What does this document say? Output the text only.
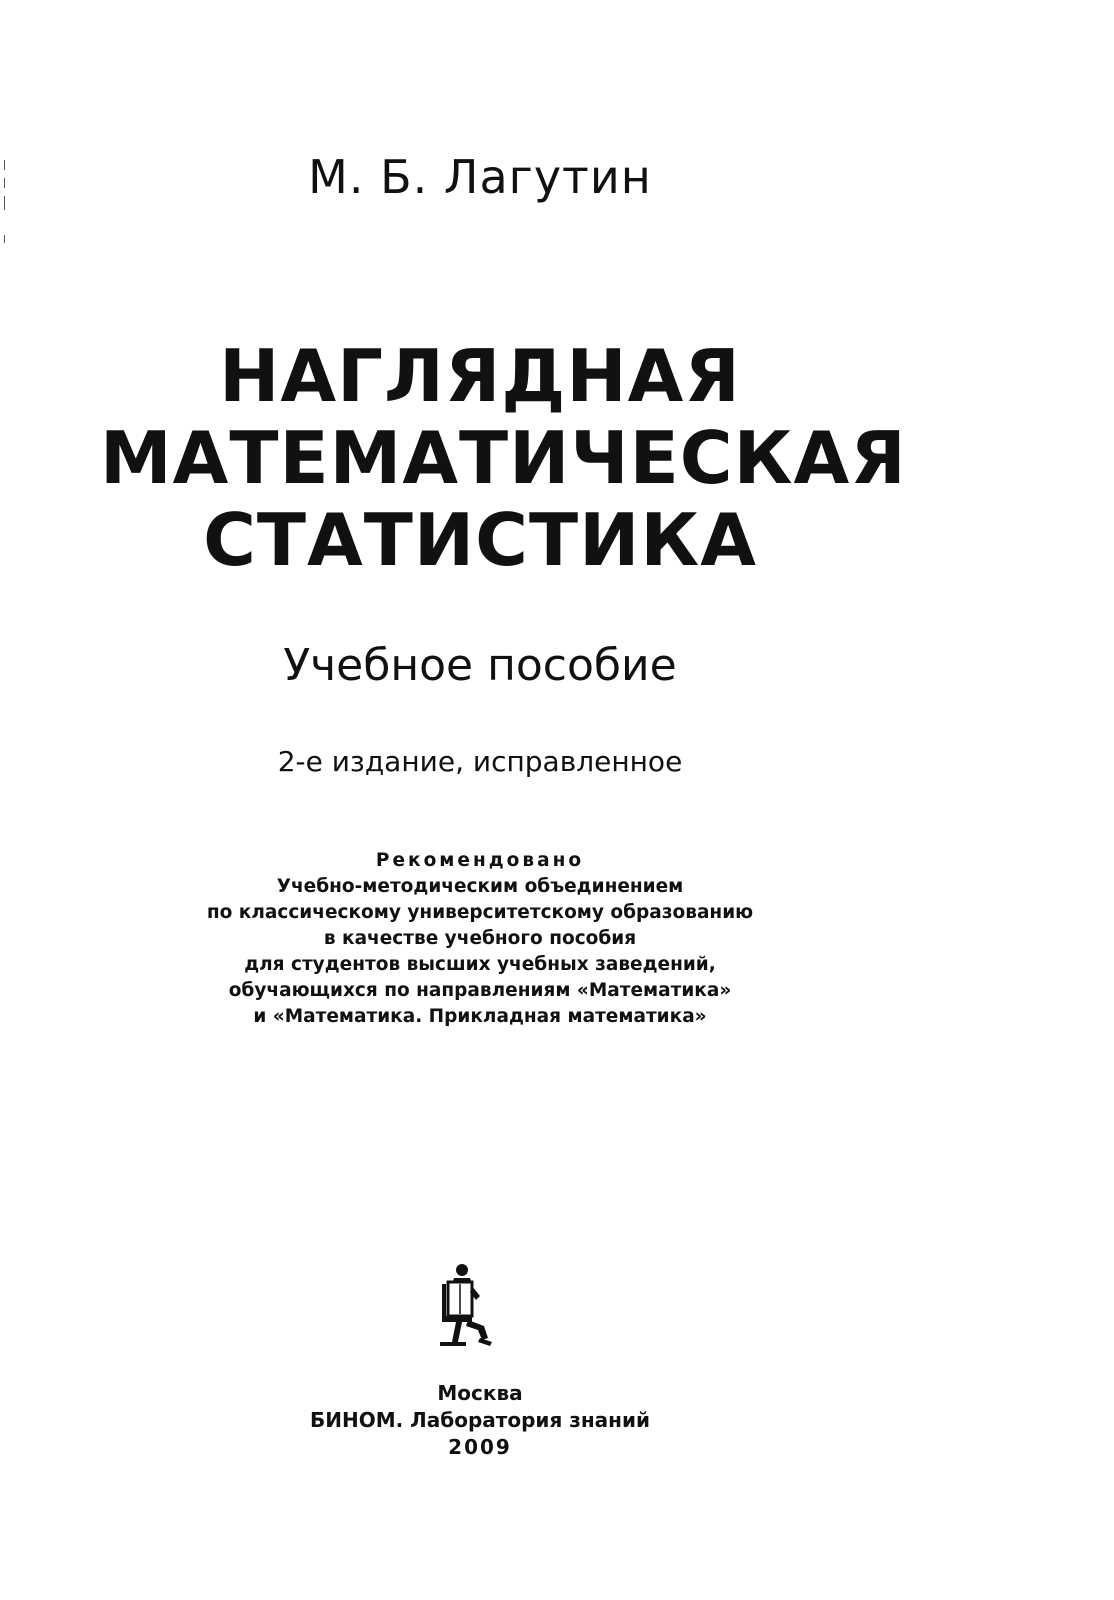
М. Б. Лагутин
НАГЛЯДНАЯ
МАТЕМАТИЧЕСКАЯ
СТАТИСТИКА
Учебное пособие
2-е издание, исправленное
Рекомендовано
Учебно-методическим объединением
по классическому университетскому образованию
в качестве учебного пособия
для студентов высших учебных заведений,
обучающихся по направлениям «Математика»
и «Математика. Прикладная математика»
Москва
БИНОМ. Лаборатория знаний
2009
